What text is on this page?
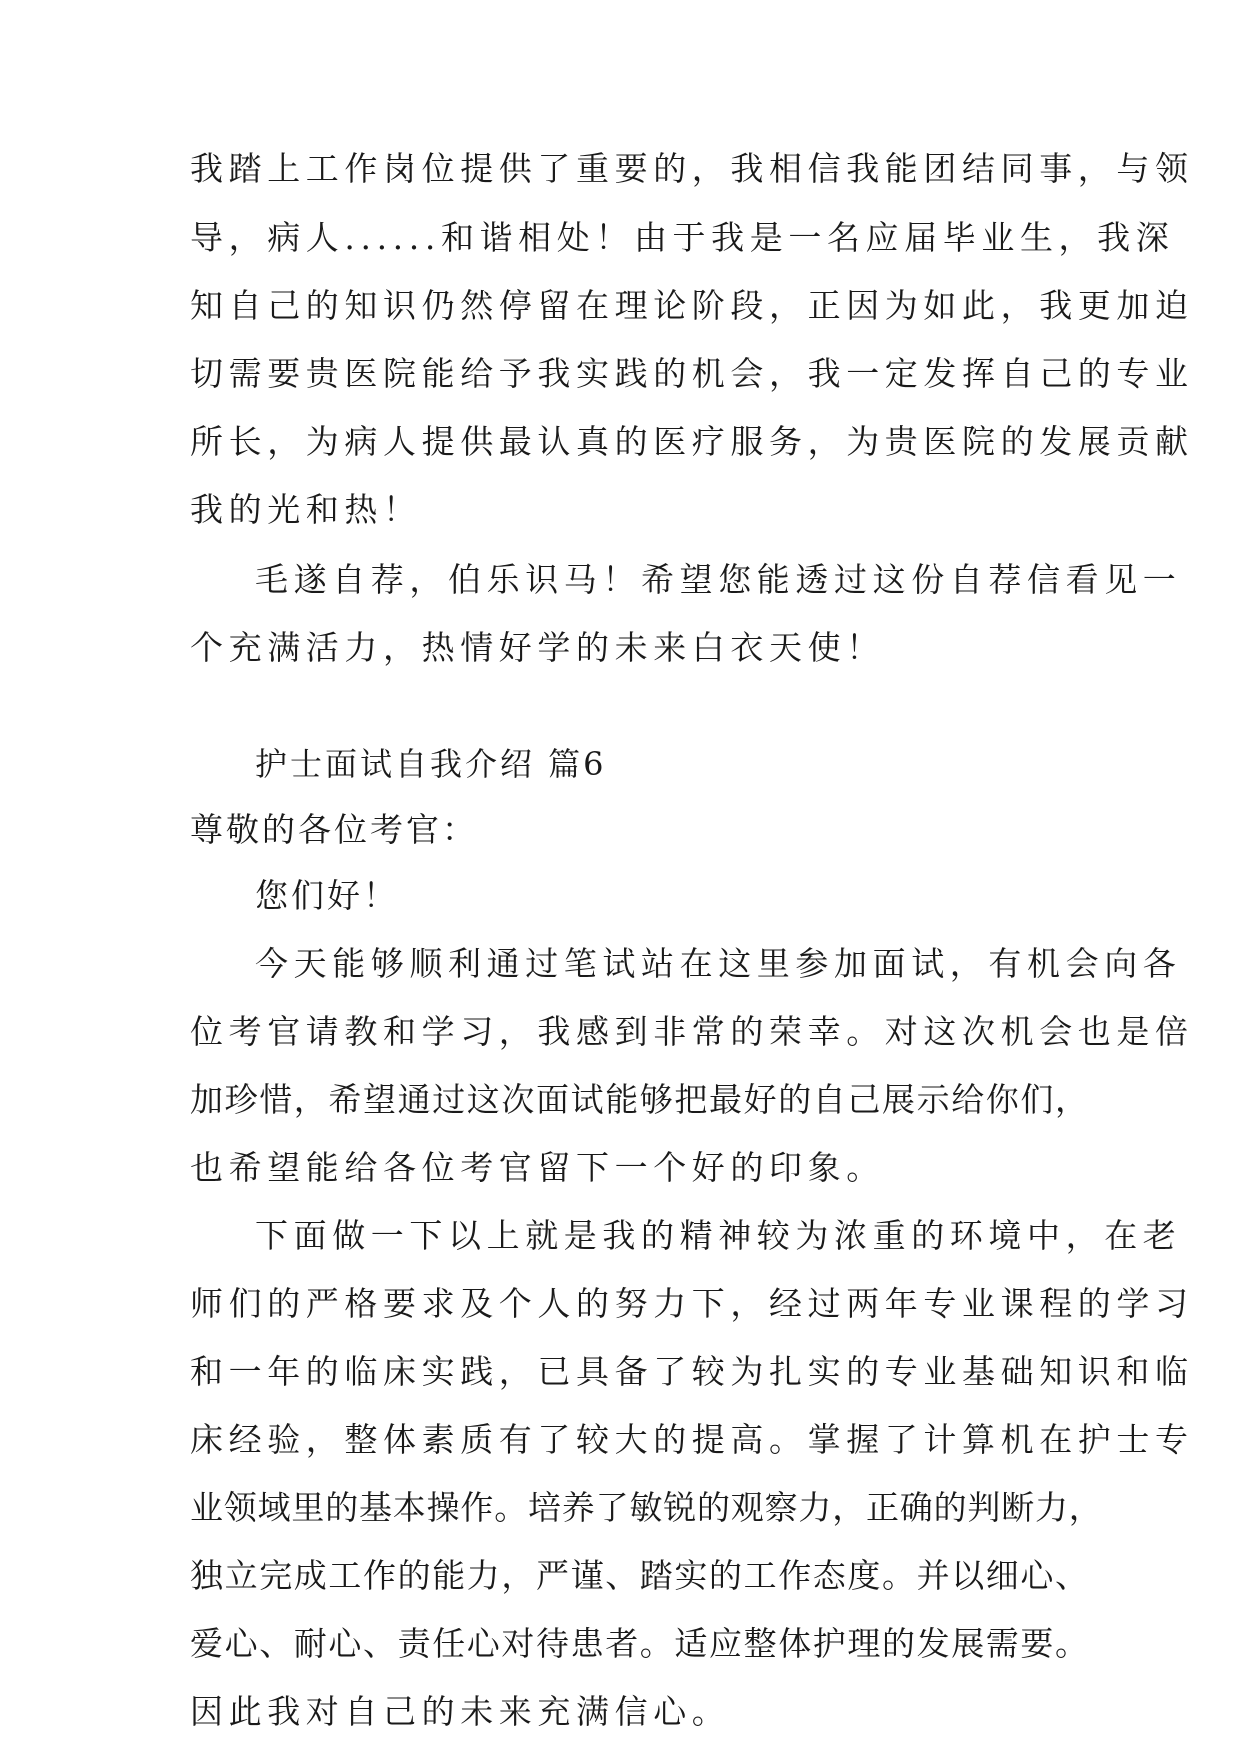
我踏上工作岗位提供了重要的，我相信我能团结同事，与领
导，病人......和谐相处！由于我是一名应届毕业生，我深
知自己的知识仍然停留在理论阶段，正因为如此，我更加迫
切需要贵医院能给予我实践的机会，我一定发挥自己的专业
所长，为病人提供最认真的医疗服务，为贵医院的发展贡献
我的光和热！
毛遂自荐，伯乐识马！希望您能透过这份自荐信看见一
个充满活力，热情好学的未来白衣天使！
护士面试自我介绍 篇6
尊敬的各位考官：
您们好！
今天能够顺利通过笔试站在这里参加面试，有机会向各
位考官请教和学习，我感到非常的荣幸。对这次机会也是倍
加珍惜，希望通过这次面试能够把最好的自己展示给你们，
也希望能给各位考官留下一个好的印象。
下面做一下以上就是我的精神较为浓重的环境中，在老
师们的严格要求及个人的努力下，经过两年专业课程的学习
和一年的临床实践，已具备了较为扎实的专业基础知识和临
床经验，整体素质有了较大的提高。掌握了计算机在护士专
业领域里的基本操作。培养了敏锐的观察力，正确的判断力，
独立完成工作的能力，严谨、踏实的工作态度。并以细心、
爱心、耐心、责任心对待患者。适应整体护理的发展需要。
因此我对自己的未来充满信心。
